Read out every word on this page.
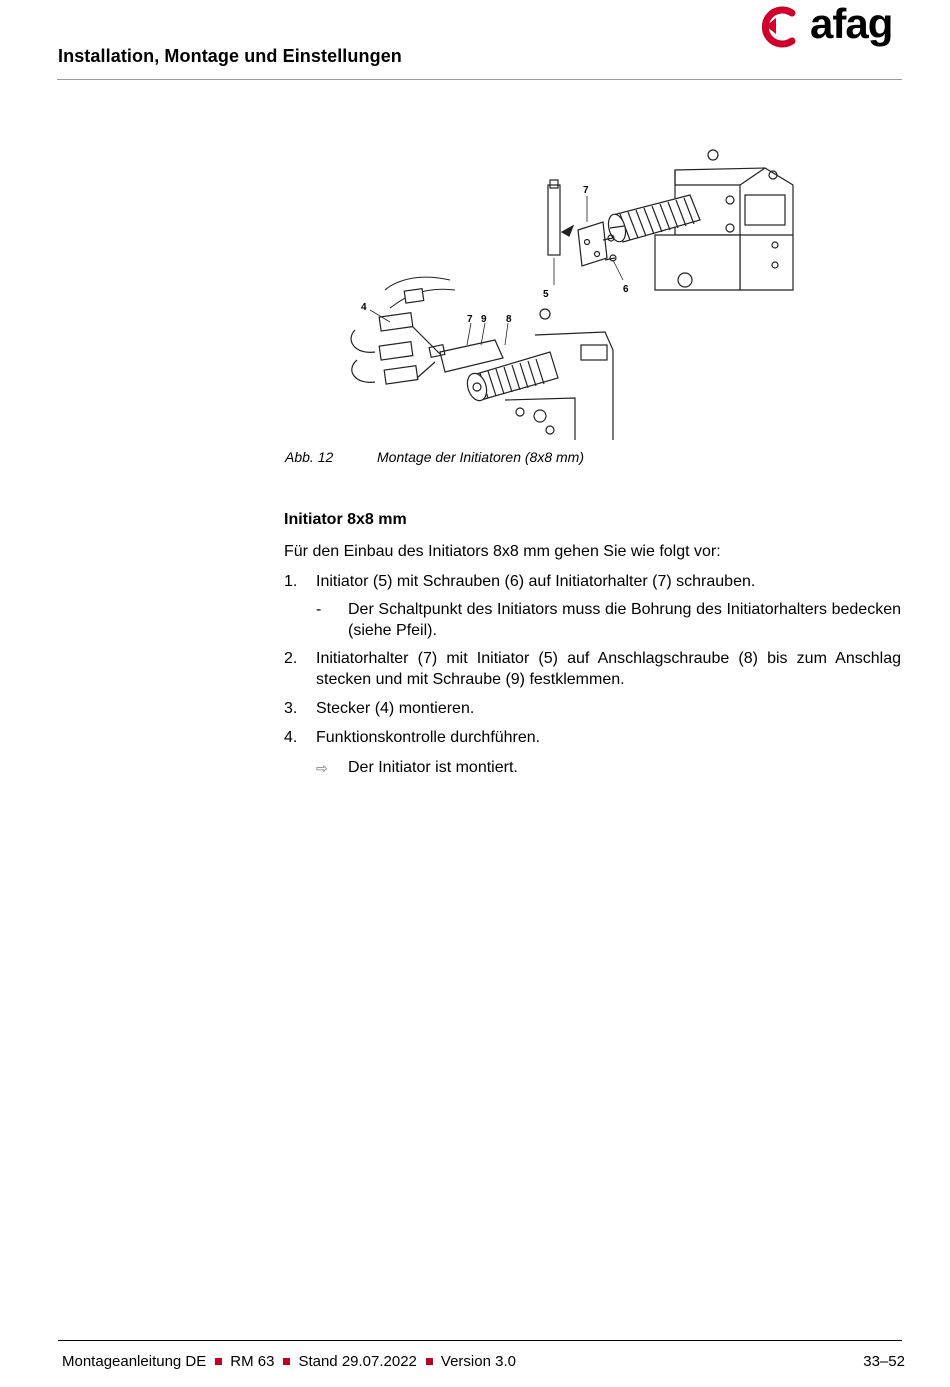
Installation, Montage und Einstellungen
afag
7
5	6
4
7 9 8
Abb. 12	Montage der Initiatoren (8x8 mm)
Initiator 8x8 mm
Für den Einbau des Initiators 8x8 mm gehen Sie wie folgt vor:
1. Initiator (5) mit Schrauben (6) auf Initiatorhalter (7) schrauben.
- Der Schaltpunkt des Initiators muss die Bohrung des Initiatorhalters bedecken (siehe Pfeil).
2. Initiatorhalter (7) mit Initiator (5) auf Anschlagschraube (8) bis zum Anschlag stecken und mit Schraube (9) festklemmen.
3. Stecker (4) montieren.
4. Funktionskontrolle durchführen.
⇨ Der Initiator ist montiert.
Montageanleitung DE RM 63 Stand 29.07.2022 Version 3.0	33–52
